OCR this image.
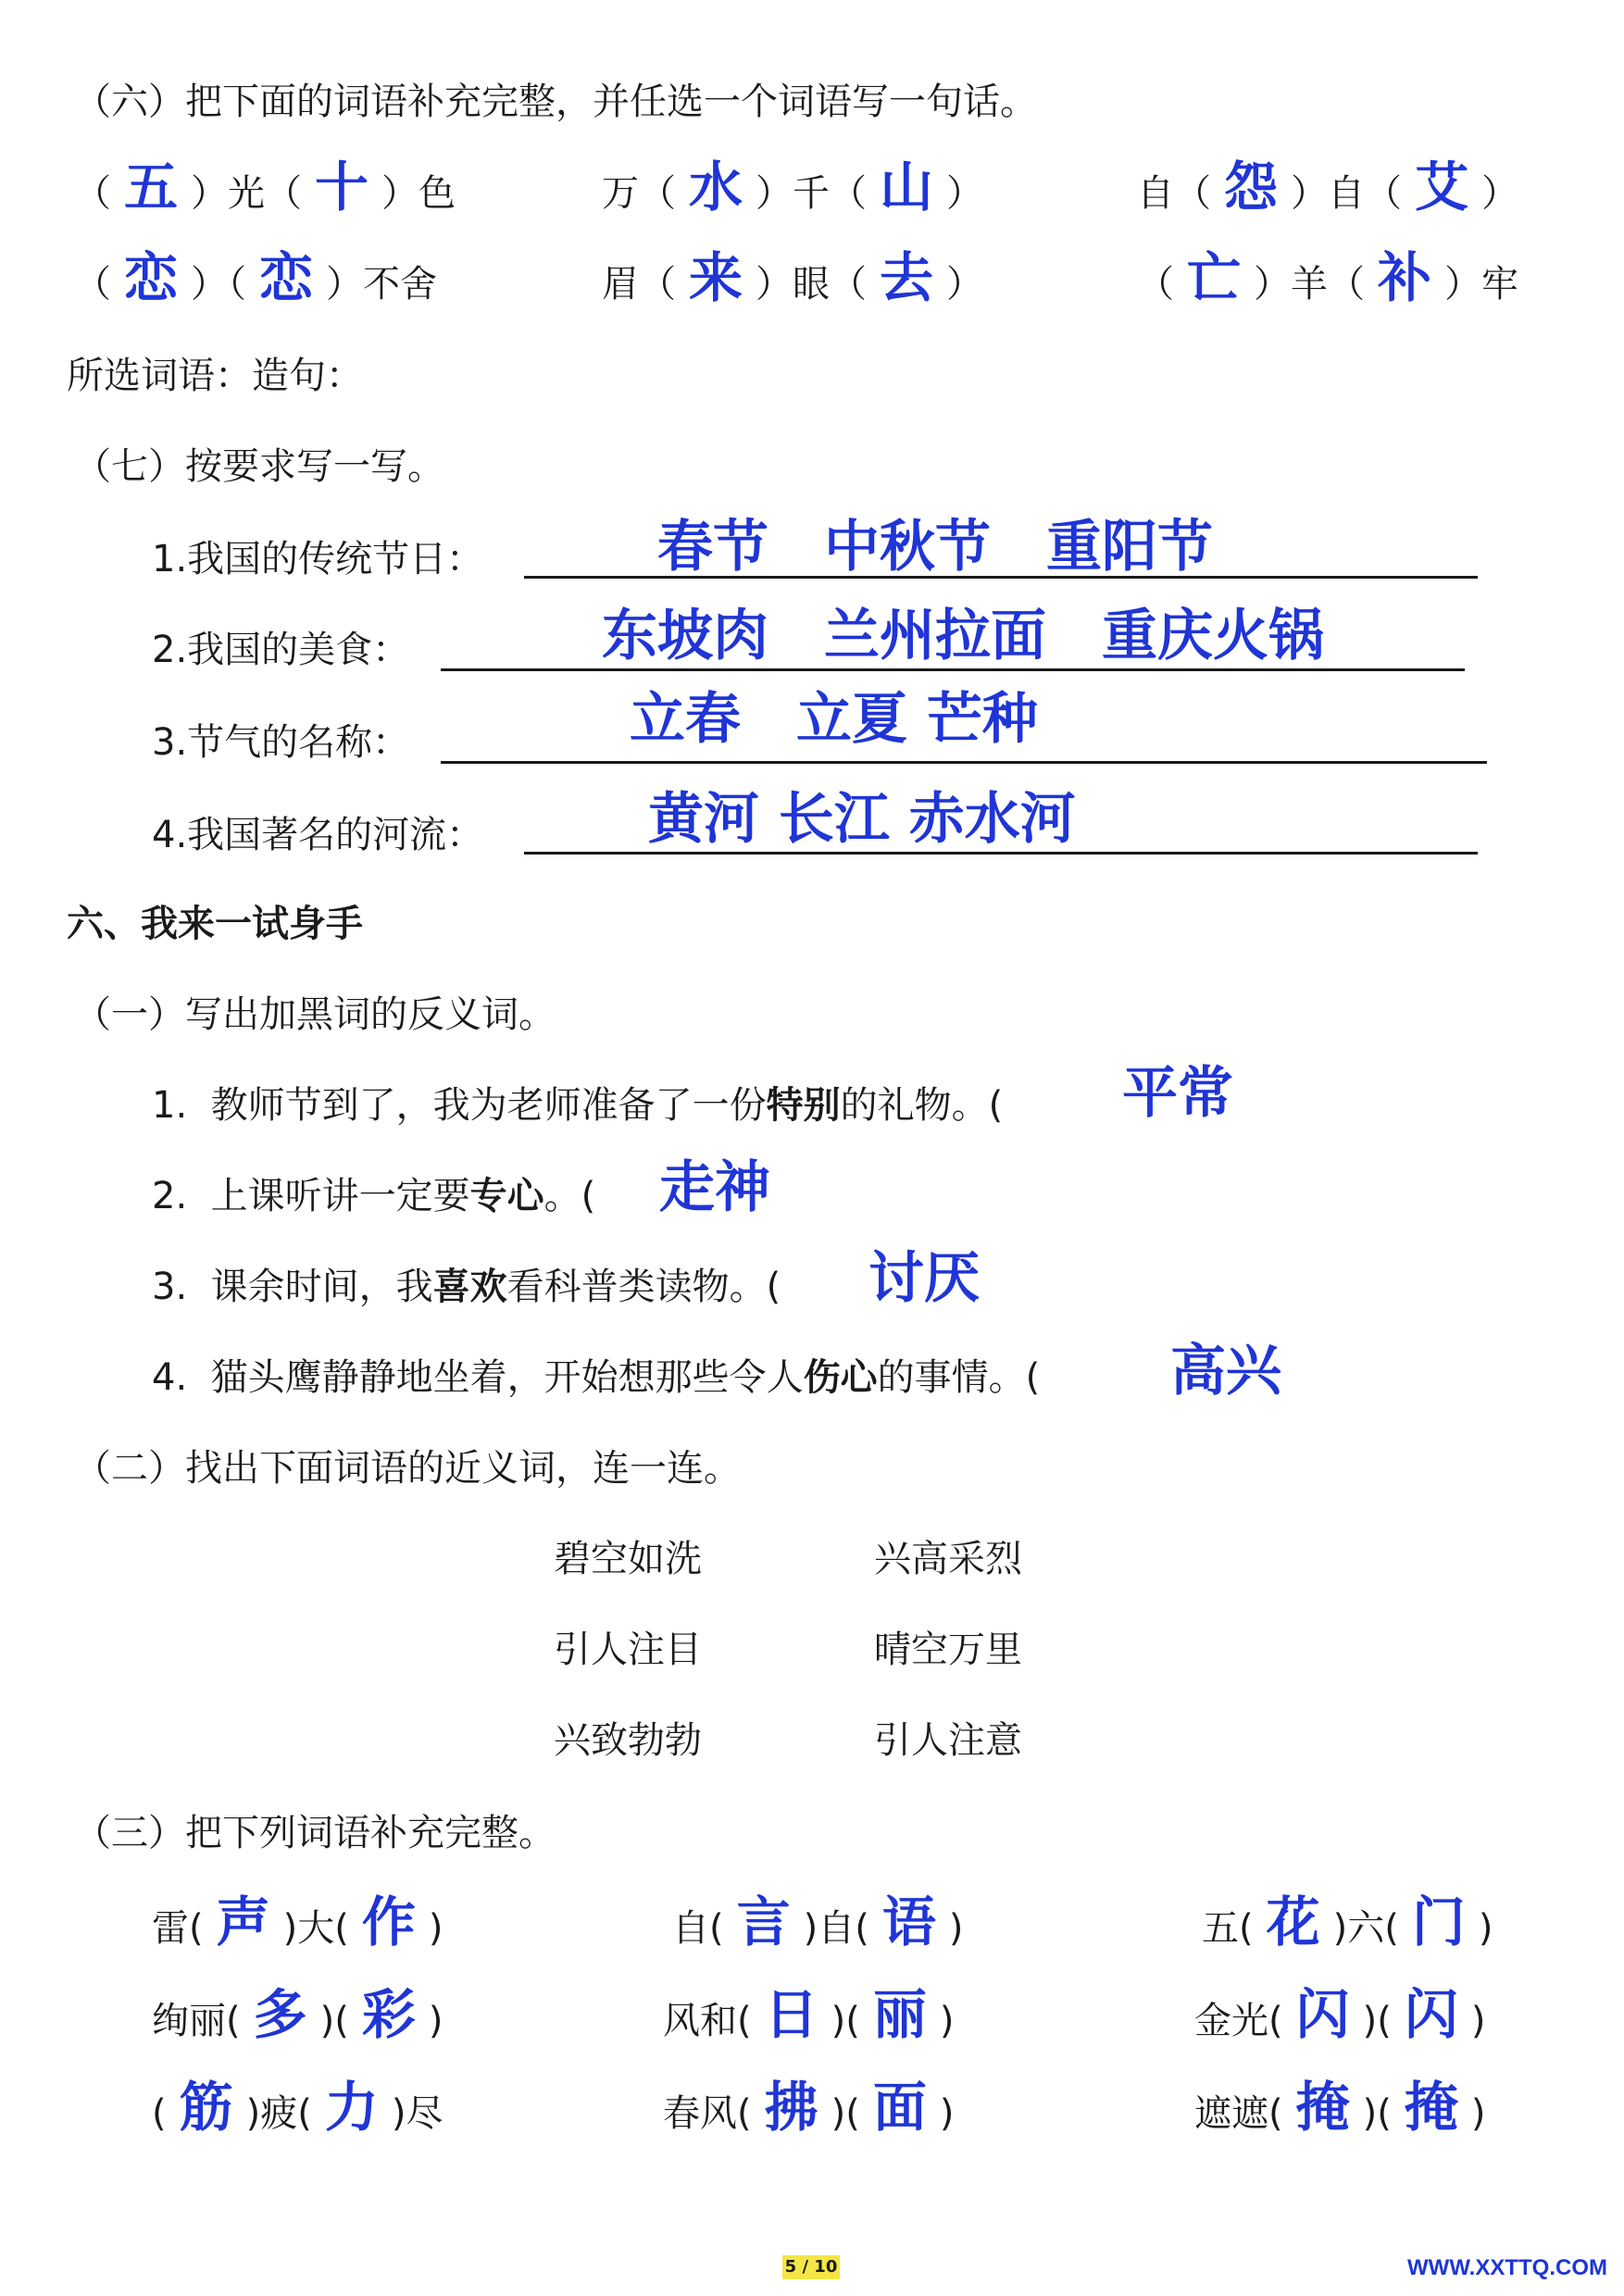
（六）把下面的词语补充完整，并任选一个词语写一句话。
（ 五 ）光（ 十 ）色	万（ 水 ）千（ 山 ）	自（ 怨 ）自（ 艾 ）
（ 恋 ）（ 恋 ）不舍	眉（ 来 ）眼（ 去 ）	（ 亡 ）羊（ 补 ）牢
所选词语：造句：
（七）按要求写一写。
1.我国的传统节日：	春节　中秋节　重阳节
2.我国的美食：	东坡肉　兰州拉面　重庆火锅
3.节气的名称：	立春　立夏 芒种
4.我国著名的河流：	黄河 长江 赤水河
六、我来一试身手
（一）写出加黑词的反义词。
1. 教师节到了，我为老师准备了一份特别的礼物。( 平常
2. 上课听讲一定要专心。( 走神
3. 课余时间，我喜欢看科普类读物。( 讨厌
4. 猫头鹰静静地坐着，开始想那些令人伤心的事情。( 高兴
（二）找出下面词语的近义词，连一连。
碧空如洗	兴高采烈
引人注目	晴空万里
兴致勃勃	引人注意
（三）把下列词语补充完整。
雷( 声 )大( 作 )	自( 言 )自( 语 )	五( 花 )六( 门 )
绚丽( 多 )( 彩 )	风和( 日 )( 丽 )	金光( 闪 )( 闪 )
( 筋 )疲( 力 )尽	春风( 拂 )( 面 )	遮遮( 掩 )( 掩 )
5 / 10	WWW.XXTTQ.COM
